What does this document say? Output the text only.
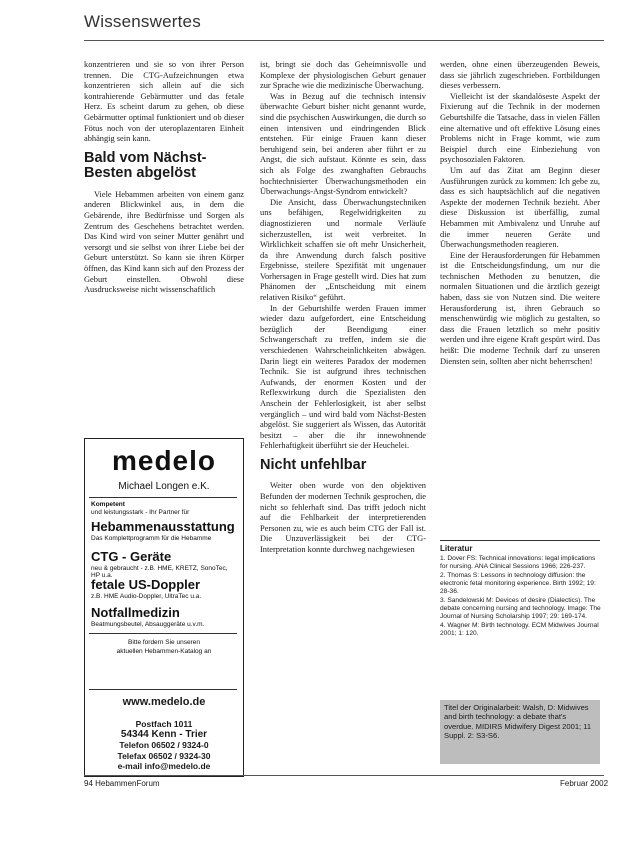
Wissenswertes

konzentrieren und sie so von ihrer Person trennen. Die CTG-Aufzeichnungen etwa konzentrieren sich allein auf die sich kontrahierende Gebärmutter und das fetale Herz. Es scheint darum zu gehen, ob diese Gebärmutter optimal funktioniert und ob dieser Fötus noch von der uteroplazentaren Einheit abhängig sein kann.

Bald vom Nächst-Besten abgelöst

Viele Hebammen arbeiten von einem ganz anderen Blickwinkel aus, in dem die Gebärende, ihre Bedürfnisse und Sorgen als Zentrum des Geschehens betrachtet werden. Das Kind wird von seiner Mutter genährt und versorgt und sie selbst von ihrer Liebe bei der Geburt unterstützt. So kann sie ihren Körper öffnen, das Kind kann sich auf den Prozess der Geburt einstellen. Obwohl diese Ausdrucksweise nicht wissenschaftlich

medelo
Michael Longen e.K.
Kompetent
und leistungsstark - Ihr Partner für
Hebammenausstattung
Das Komplettprogramm für die Hebamme
CTG - Geräte
neu & gebraucht - z.B. HME, KRETZ, SonoTec, HP u.a.
fetale US-Doppler
z.B. HME Audio-Doppler, UltraTec u.a.
Notfallmedizin
Beatmungsbeutel, Absauggeräte u.v.m.
Bitte fordern Sie unseren
aktuellen Hebammen-Katalog an
www.medelo.de
Postfach 1011
54344 Kenn - Trier
Telefon 06502 / 9324-0
Telefax 06502 / 9324-30
e-mail info@medelo.de

ist, bringt sie doch das Geheimnisvolle und Komplexe der physiologischen Geburt genauer zur Sprache wie die medizinische Überwachung.

Was in Bezug auf die technisch intensiv überwachte Geburt bisher nicht genannt wurde, sind die psychischen Auswirkungen, die durch so einen intensiven und eindringenden Blick entstehen. Für einige Frauen kann dieser beruhigend sein, bei anderen aber führt er zu Angst, die sich aufstaut. Könnte es sein, dass sich als Folge des zwanghaften Gebrauchs hochtechnisierter Überwachungsmethoden ein Überwachungs-Angst-Syndrom entwickelt?

Die Ansicht, dass Überwachungstechniken uns befähigen, Regelwidrigkeiten zu diagnostizieren und normale Verläufe sicherzustellen, ist weit verbreitet. In Wirklichkeit schaffen sie oft mehr Unsicherheit, da ihre Anwendung durch falsch positive Ergebnisse, steilere Spezifität mit ungenauer Vorhersagen in Frage gestellt wird. Dies hat zum Phänomen der „Entscheidung mit einem relativen Risiko“ geführt.

In der Geburtshilfe werden Frauen immer wieder dazu aufgefordert, eine Entscheidung bezüglich der Beendigung einer Schwangerschaft zu treffen, indem sie die verschiedenen Wahrscheinlichkeiten abwägen. Darin liegt ein weiteres Paradox der modernen Technik. Sie ist aufgrund ihres technischen Aufwands, der enormen Kosten und der Reflexwirkung durch die Spezialisten den Anschein der Fehlerlosigkeit, ist aber selbst vergänglich – und wird bald vom Nächst-Besten abgelöst. Sie suggeriert als Wissen, das Autorität besitzt – aber die ihr innewohnende Fehlerhaftigkeit überführt sie der Heuchelei.

Nicht unfehlbar

Weiter oben wurde von den objektiven Befunden der modernen Technik gesprochen, die nicht so fehlerhaft sind. Das trifft jedoch nicht auf die Fehlbarkeit der interpretierenden Personen zu, wie es auch beim CTG der Fall ist. Die Unzuverlässigkeit bei der CTG-Interpretation konnte durchweg nachgewiesen

werden, ohne einen überzeugenden Beweis, dass sie jährlich zugeschrieben. Fortbildungen dieses verbessern.

Vielleicht ist der skandalöseste Aspekt der Fixierung auf die Technik in der modernen Geburtshilfe die Tatsache, dass in vielen Fällen eine alternative und oft effektive Lösung eines Problems nicht in Frage kommt, wie zum Beispiel durch eine Einbeziehung von psychosozialen Faktoren.

Um auf das Zitat am Beginn dieser Ausführungen zurück zu kommen: Ich gebe zu, dass es sich hauptsächlich auf die negativen Aspekte der modernen Technik bezieht. Aber diese Diskussion ist überfällig, zumal Hebammen mit Ambivalenz und Unruhe auf die immer neueren Geräte und Überwachungsmethoden reagieren.

Eine der Herausforderungen für Hebammen ist die Entscheidungsfindung, um nur die technischen Methoden zu benutzen, die normalen Situationen und die ärztlich gezeigt haben, dass sie von Nutzen sind. Die weitere Herausforderung ist, ihren Gebrauch so menschenwürdig wie möglich zu gestalten, so dass die Frauen letztlich so mehr positiv werden und ihre eigene Kraft gespürt wird. Das heißt: Die moderne Technik darf zu unseren Diensten sein, sollten aber nicht beherrschen!

Literatur
1. Dover FS: Technical innovations: legal implications for nursing. ANA Clinical Sessions 1966; 226-237.
2. Thomas S: Lessons in technology diffusion: the electronic fetal monitoring experience. Birth 1992; 19: 28-36.
3. Sandelowski M: Devices of desire (Dialectics). The debate concerning nursing and technology. Image: The Journal of Nursing Scholarship 1997; 29: 169-174.
4. Wagner M: Birth technology. ECM Midwives Journal 2001; 1: 120.
Titel der Originalarbeit: Walsh, D: Midwives and birth technology: a debate that's overdue. MIDIRS Midwifery Digest 2001; 11 Suppl. 2: S3-S6.
94 HebammenForum	Februar 2002
